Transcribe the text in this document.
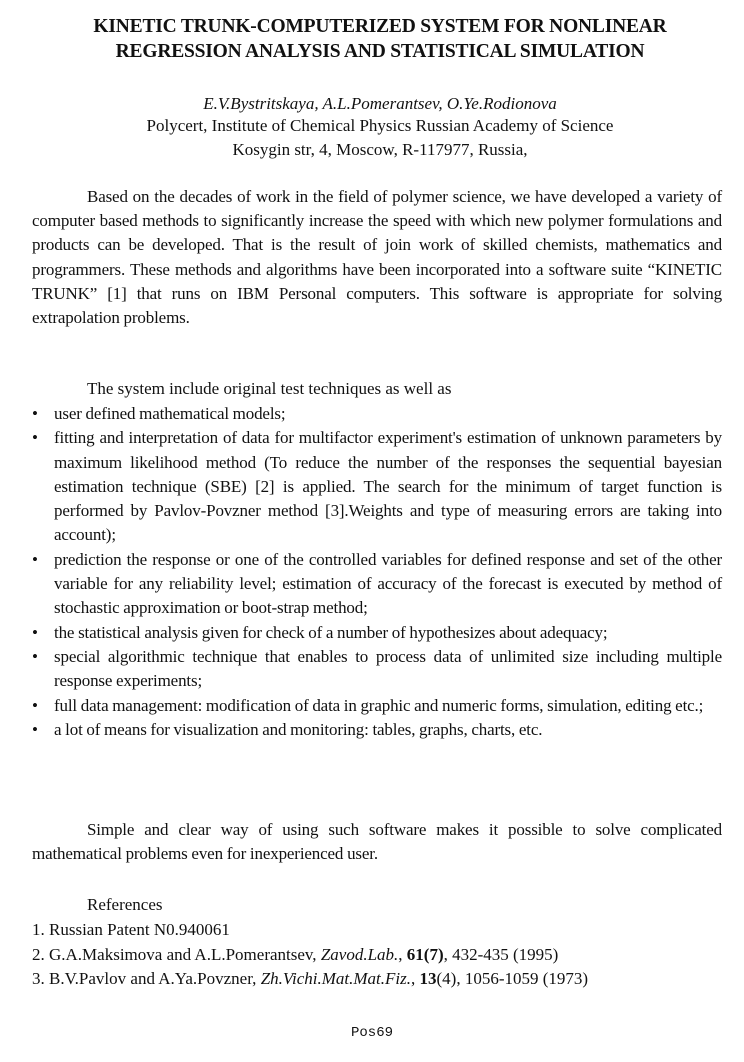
KINETIC TRUNK-COMPUTERIZED SYSTEM FOR NONLINEAR
REGRESSION ANALYSIS AND STATISTICAL SIMULATION
E.V.Bystritskaya, A.L.Pomerantsev, O.Ye.Rodionova
Polycert, Institute of Chemical Physics Russian Academy of Science
Kosygin str, 4, Moscow, R-117977, Russia,

Based on the decades of work in the field of polymer science, we have developed a variety of computer based methods to significantly increase the speed with which new polymer formulations and products can be developed. That is the result of join work of skilled chemists, mathematics and programmers. These methods and algorithms have been incorporated into a software suite “KINETIC TRUNK” [1] that runs on IBM Personal computers. This software is appropriate for solving extrapolation problems.

The system include original test techniques as well as
• user defined mathematical models;
• fitting and interpretation of data for multifactor experiment's estimation of unknown parameters by maximum likelihood method (To reduce the number of the responses the sequential bayesian estimation technique (SBE) [2] is applied. The search for the minimum of target function is performed by Pavlov-Povzner method [3].Weights and type of measuring errors are taking into account);
• prediction the response or one of the controlled variables for defined response and set of the other variable for any reliability level; estimation of accuracy of the forecast is executed by method of stochastic approximation or boot-strap method;
• the statistical analysis given for check of a number of hypothesizes about adequacy;
• special algorithmic technique that enables to process data of unlimited size including multiple response experiments;
• full data management: modification of data in graphic and numeric forms, simulation, editing etc.;
• a lot of means for visualization and monitoring: tables, graphs, charts, etc.

Simple and clear way of using such software makes it possible to solve complicated mathematical problems even for inexperienced user.

References
1. Russian Patent N0.940061
2. G.A.Maksimova and A.L.Pomerantsev, Zavod.Lab., 61(7), 432-435 (1995)
3. B.V.Pavlov and A.Ya.Povzner, Zh.Vichi.Mat.Mat.Fiz., 13(4), 1056-1059 (1973)
Pos69
